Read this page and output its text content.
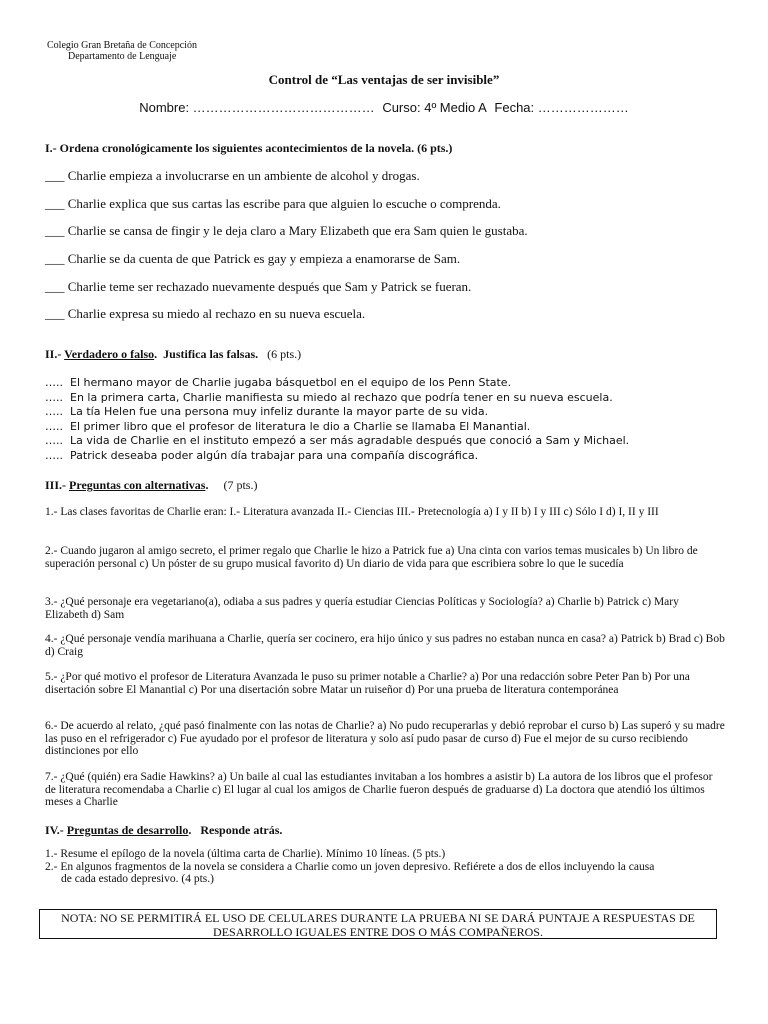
Colegio Gran Bretaña de Concepción
Departamento de Lenguaje
Control de “Las ventajas de ser invisible”
Nombre: …………………………………… Curso: 4º Medio A Fecha: …………………
I.- Ordena cronológicamente los siguientes acontecimientos de la novela. (6 pts.)
___ Charlie empieza a involucrarse en un ambiente de alcohol y drogas.
___ Charlie explica que sus cartas las escribe para que alguien lo escuche o comprenda.
___ Charlie se cansa de fingir y le deja claro a Mary Elizabeth que era Sam quien le gustaba.
___ Charlie se da cuenta de que Patrick es gay y empieza a enamorarse de Sam.
___ Charlie teme ser rechazado nuevamente después que Sam y Patrick se fueran.
___ Charlie expresa su miedo al rechazo en su nueva escuela.
II.- Verdadero o falso.  Justifica las falsas. (6 pts.)
….. El hermano mayor de Charlie jugaba básquetbol en el equipo de los Penn State.
….. En la primera carta, Charlie manifiesta su miedo al rechazo que podría tener en su nueva escuela.
….. La tía Helen fue una persona muy infeliz durante la mayor parte de su vida.
….. El primer libro que el profesor de literatura le dio a Charlie se llamaba El Manantial.
….. La vida de Charlie en el instituto empezó a ser más agradable después que conoció a Sam y Michael.
….. Patrick deseaba poder algún día trabajar para una compañía discográfica.
III.- Preguntas con alternativas.     (7 pts.)

1.- Las clases favoritas de Charlie eran: I.- Literatura avanzada II.- Ciencias III.- Pretecnología a) I y II b) I y III c) Sólo I d) I, II y III

2.- Cuando jugaron al amigo secreto, el primer regalo que Charlie le hizo a Patrick fue a) Una cinta con varios temas musicales b) Un libro de superación personal c) Un póster de su grupo musical favorito d) Un diario de vida para que escribiera sobre lo que le sucedía

3.- ¿Qué personaje era vegetariano(a), odiaba a sus padres y quería estudiar Ciencias Políticas y Sociología? a) Charlie b) Patrick c) Mary Elizabeth d) Sam

4.- ¿Qué personaje vendía marihuana a Charlie, quería ser cocinero, era hijo único y sus padres no estaban nunca en casa? a) Patrick b) Brad c) Bob d) Craig

5.- ¿Por qué motivo el profesor de Literatura Avanzada le puso su primer notable a Charlie? a) Por una redacción sobre Peter Pan b) Por una disertación sobre El Manantial c) Por una disertación sobre Matar un ruiseñor d) Por una prueba de literatura contemporánea

6.- De acuerdo al relato, ¿qué pasó finalmente con las notas de Charlie? a) No pudo recuperarlas y debió reprobar el curso b) Las superó y su madre las puso en el refrigerador c) Fue ayudado por el profesor de literatura y solo así pudo pasar de curso d) Fue el mejor de su curso recibiendo distinciones por ello

7.- ¿Qué (quién) era Sadie Hawkins? a) Un baile al cual las estudiantes invitaban a los hombres a asistir b) La autora de los libros que el profesor de literatura recomendaba a Charlie c) El lugar al cual los amigos de Charlie fueron después de graduarse d) La doctora que atendió los últimos meses a Charlie

IV.- Preguntas de desarrollo.   Responde atrás.

1.- Resume el epílogo de la novela (última carta de Charlie). Mínimo 10 líneas. (5 pts.)

2.- En algunos fragmentos de la novela se considera a Charlie como un joven depresivo. Refiérete a dos de ellos incluyendo la causa

de cada estado depresivo. (4 pts.)

NOTA: NO SE PERMITIRÁ EL USO DE CELULARES DURANTE LA PRUEBA NI SE DARÁ PUNTAJE A RESPUESTAS DE
DESARROLLO IGUALES ENTRE DOS O MÁS COMPAÑEROS.
